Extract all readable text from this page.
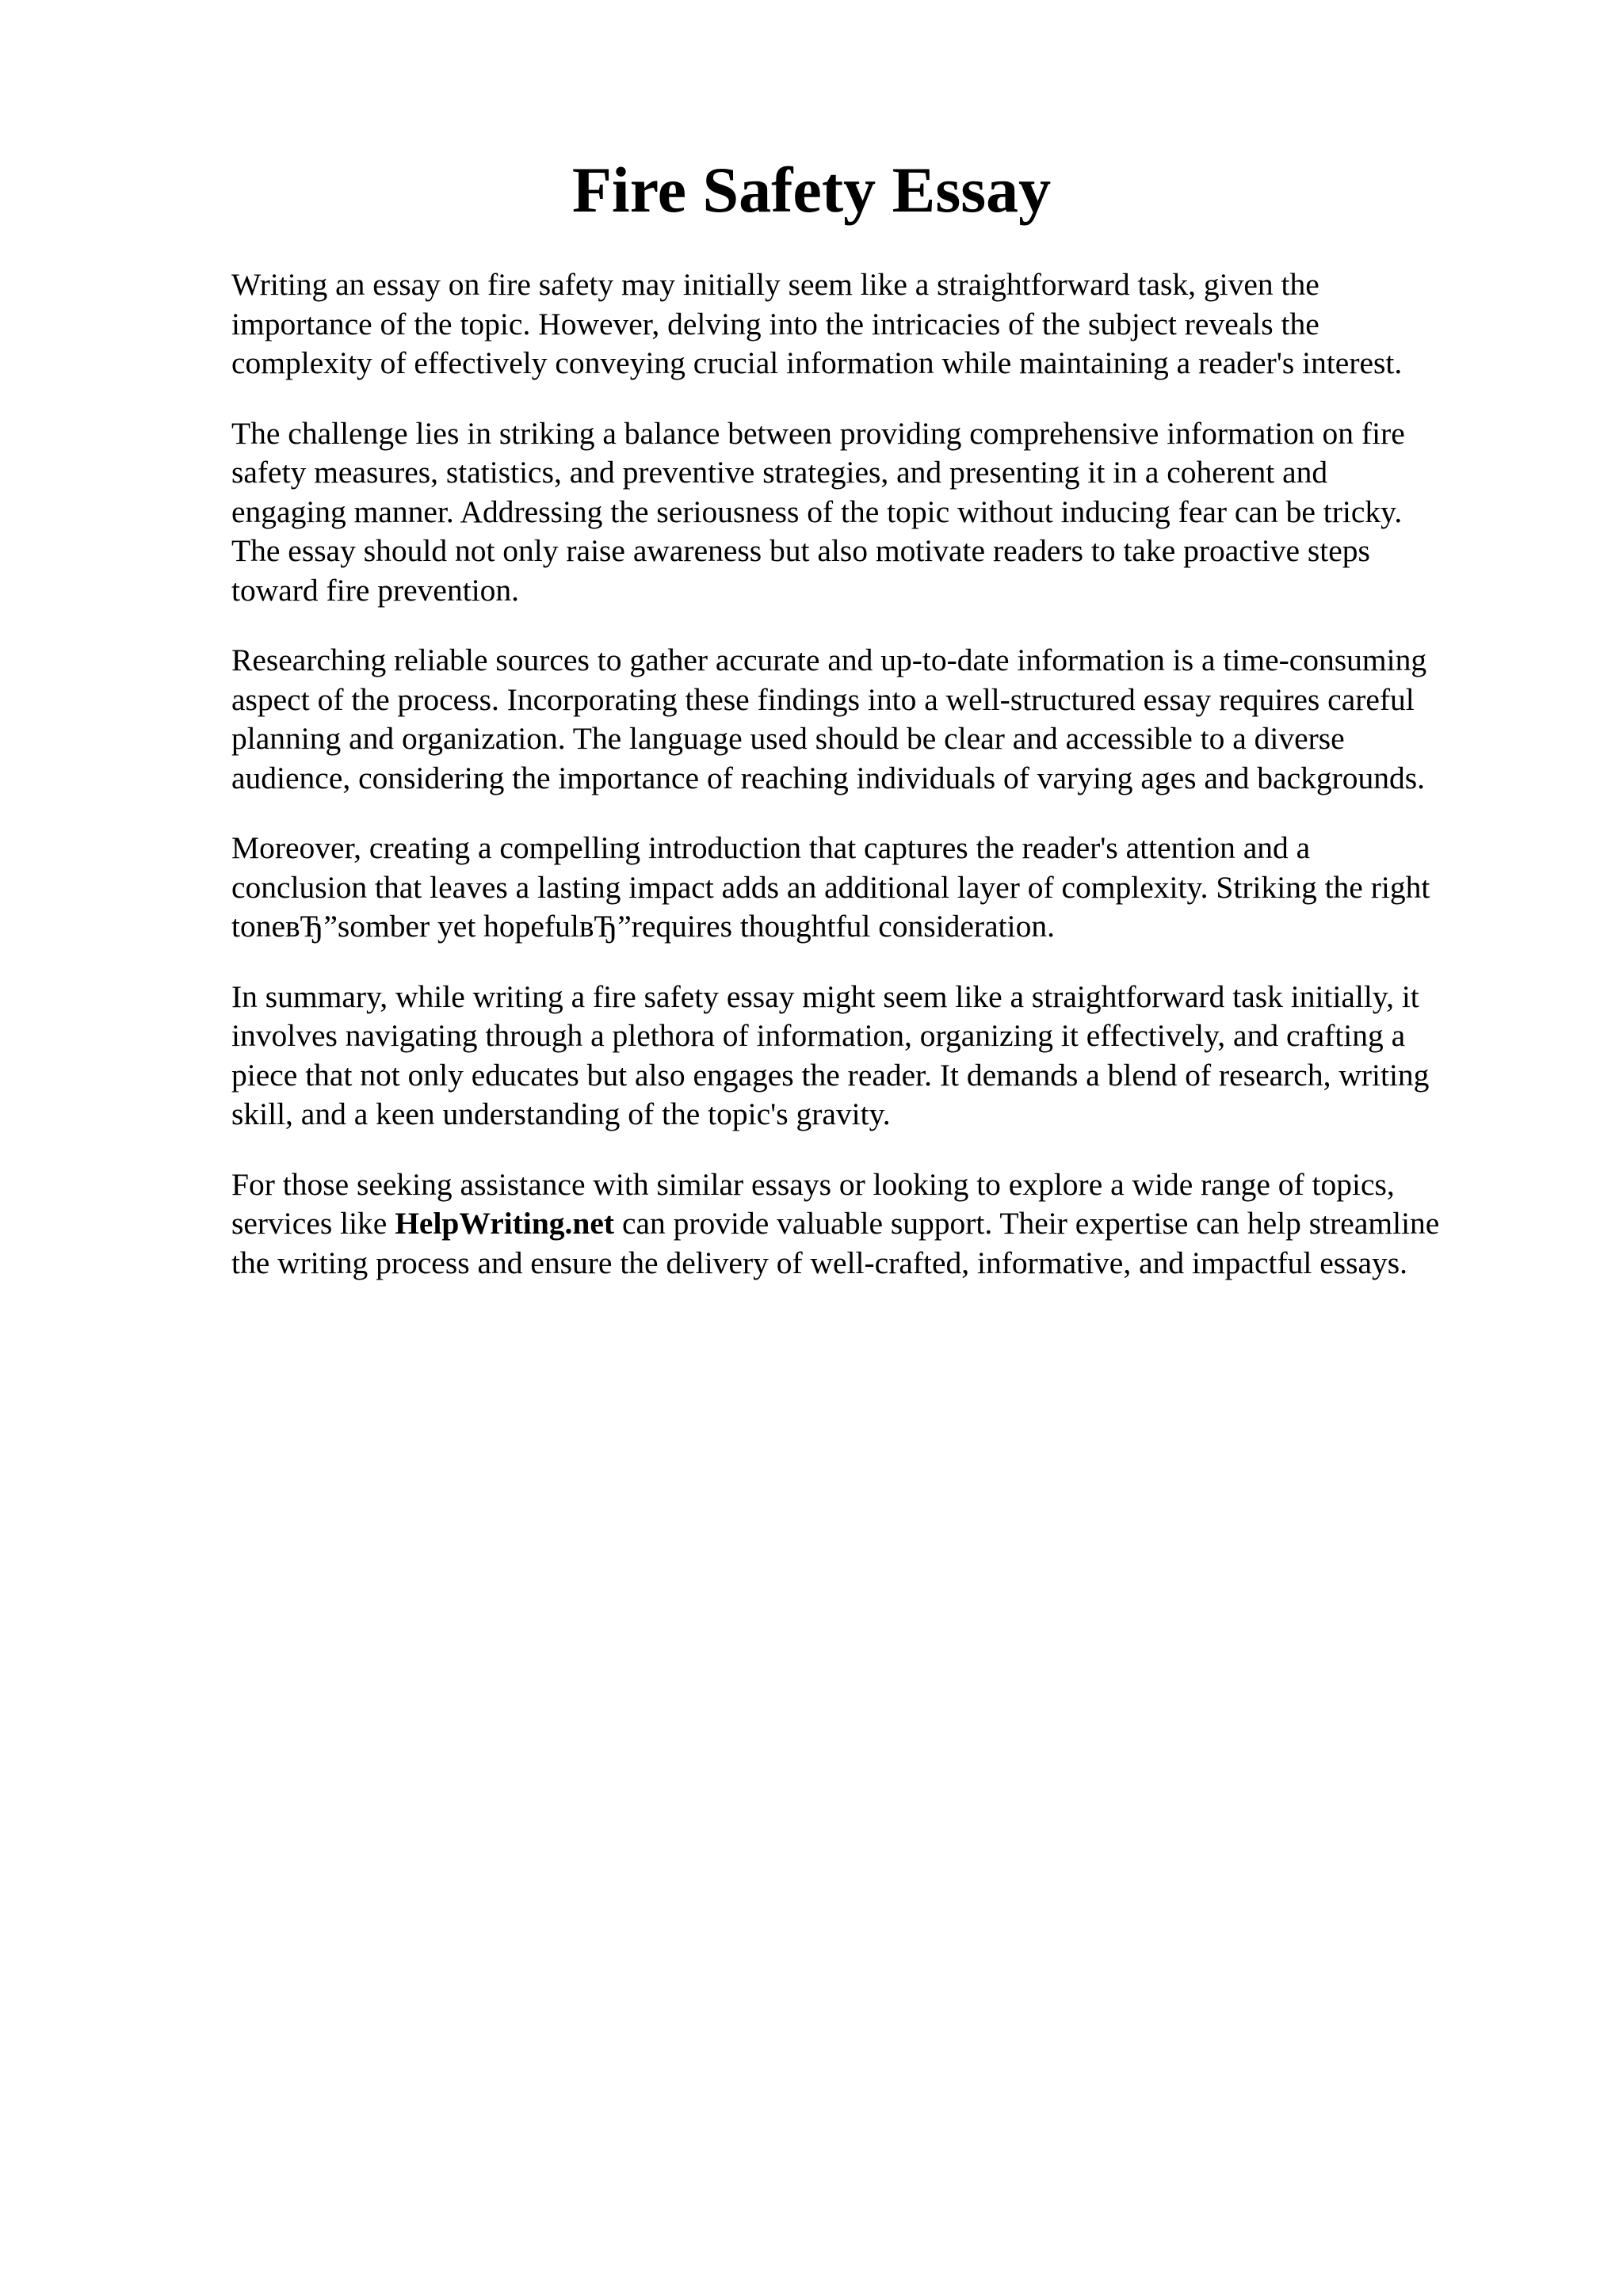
Fire Safety Essay

Writing an essay on fire safety may initially seem like a straightforward task, given the
importance of the topic. However, delving into the intricacies of the subject reveals the
complexity of effectively conveying crucial information while maintaining a reader's interest.

The challenge lies in striking a balance between providing comprehensive information on fire
safety measures, statistics, and preventive strategies, and presenting it in a coherent and
engaging manner. Addressing the seriousness of the topic without inducing fear can be tricky.
The essay should not only raise awareness but also motivate readers to take proactive steps
toward fire prevention.

Researching reliable sources to gather accurate and up-to-date information is a time-consuming
aspect of the process. Incorporating these findings into a well-structured essay requires careful
planning and organization. The language used should be clear and accessible to a diverse
audience, considering the importance of reaching individuals of varying ages and backgrounds.

Moreover, creating a compelling introduction that captures the reader's attention and a
conclusion that leaves a lasting impact adds an additional layer of complexity. Striking the right
toneвЂ”somber yet hopefulвЂ”requires thoughtful consideration.

In summary, while writing a fire safety essay might seem like a straightforward task initially, it
involves navigating through a plethora of information, organizing it effectively, and crafting a
piece that not only educates but also engages the reader. It demands a blend of research, writing
skill, and a keen understanding of the topic's gravity.

For those seeking assistance with similar essays or looking to explore a wide range of topics,
services like HelpWriting.net can provide valuable support. Their expertise can help streamline
the writing process and ensure the delivery of well-crafted, informative, and impactful essays.
